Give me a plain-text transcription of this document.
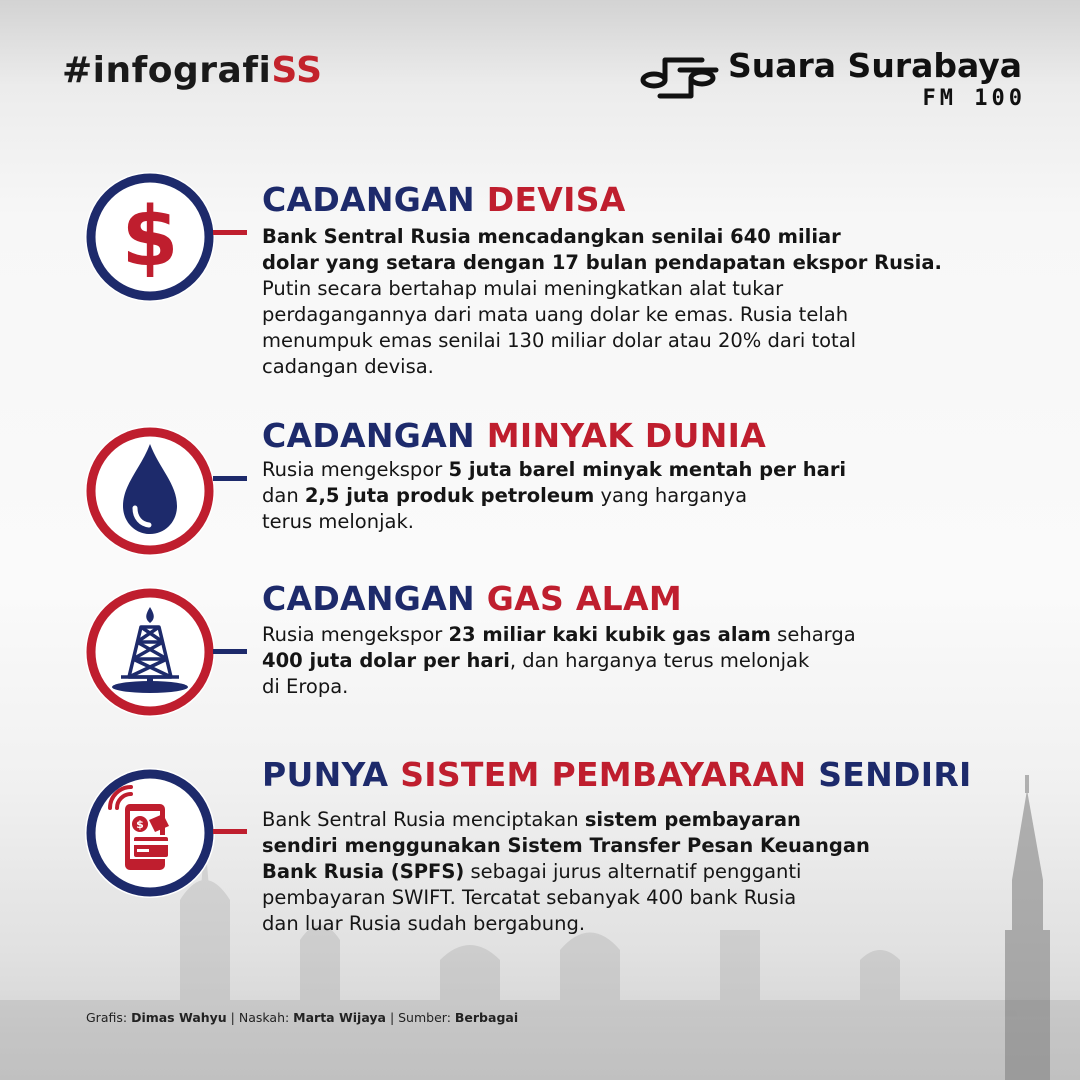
#infografiSS	Suara Surabaya
FM 100
$	CADANGAN DEVISA
Bank Sentral Rusia mencadangkan senilai 640 miliar
dolar yang setara dengan 17 bulan pendapatan ekspor Rusia.
Putin secara bertahap mulai meningkatkan alat tukar
perdagangannya dari mata uang dolar ke emas. Rusia telah
menumpuk emas senilai 130 miliar dolar atau 20% dari total
cadangan devisa.
CADANGAN MINYAK DUNIA
Rusia mengekspor 5 juta barel minyak mentah per hari
dan 2,5 juta produk petroleum yang harganya
terus melonjak.
CADANGAN GAS ALAM
Rusia mengekspor 23 miliar kaki kubik gas alam seharga
400 juta dolar per hari, dan harganya terus melonjak
di Eropa.
$
PUNYA SISTEM PEMBAYARAN SENDIRI
Bank Sentral Rusia menciptakan sistem pembayaran
sendiri menggunakan Sistem Transfer Pesan Keuangan
Bank Rusia (SPFS) sebagai jurus alternatif pengganti
pembayaran SWIFT. Tercatat sebanyak 400 bank Rusia
dan luar Rusia sudah bergabung.
Grafis: Dimas Wahyu | Naskah: Marta Wijaya | Sumber: Berbagai
